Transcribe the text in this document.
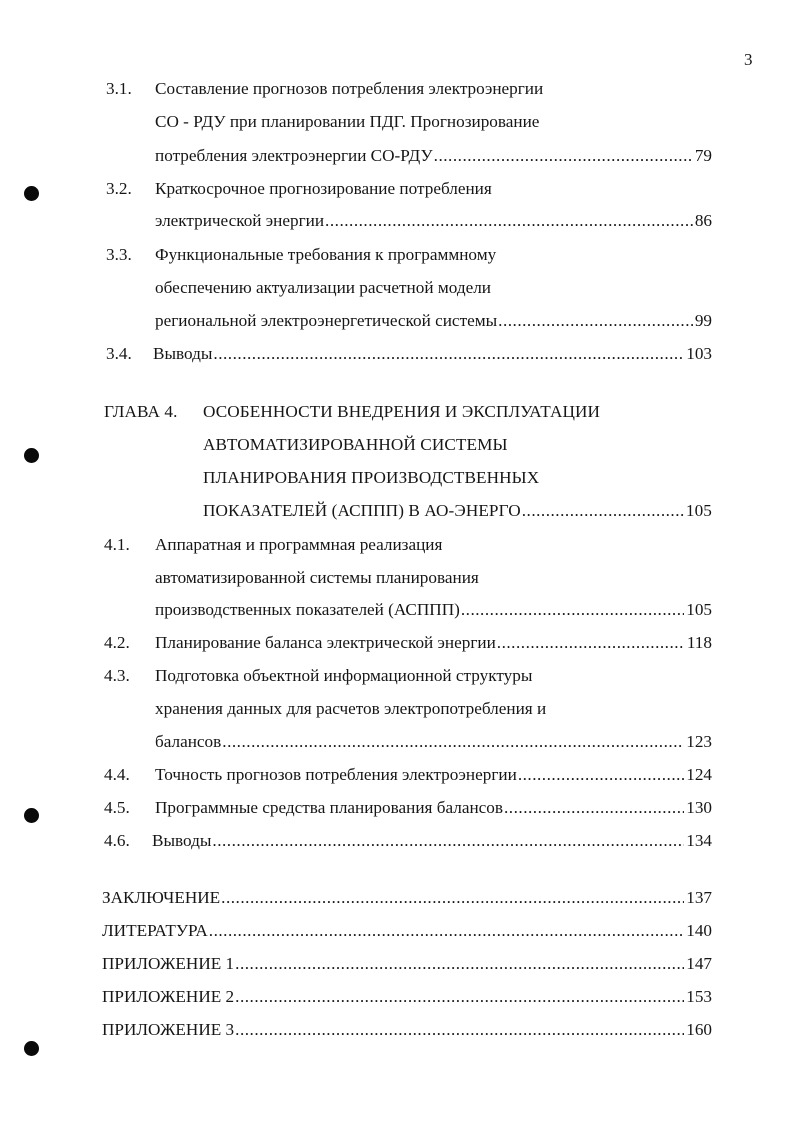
3
3.1. Составление прогнозов потребления электроэнергии
СО - РДУ при планировании ПДГ. Прогнозирование
потребления электроэнергии СО-РДУ .....	79
3.2. Краткосрочное прогнозирование потребления
электрической энергии .....	86
3.3. Функциональные требования к программному
обеспечению актуализации расчетной модели
региональной электроэнергетической системы .....	99
3.4. Выводы .....	103
ГЛАВА 4. ОСОБЕННОСТИ ВНЕДРЕНИЯ И ЭКСПЛУАТАЦИИ
АВТОМАТИЗИРОВАННОЙ СИСТЕМЫ
ПЛАНИРОВАНИЯ ПРОИЗВОДСТВЕННЫХ
ПОКАЗАТЕЛЕЙ (АСППП) В АО-ЭНЕРГО .....	105
4.1. Аппаратная и программная реализация
автоматизированной системы планирования
производственных показателей (АСППП) .....	105
4.2. Планирование баланса электрической энергии .....	118
4.3. Подготовка объектной информационной структуры
хранения данных для расчетов электропотребления и
балансов .....	123
4.4. Точность прогнозов потребления электроэнергии .....	124
4.5. Программные средства планирования балансов .....	130
4.6. Выводы .....	134
ЗАКЛЮЧЕНИЕ .....	137
ЛИТЕРАТУРА .....	140
ПРИЛОЖЕНИЕ 1 .....	147
ПРИЛОЖЕНИЕ 2 .....	153
ПРИЛОЖЕНИЕ 3 .....	160
